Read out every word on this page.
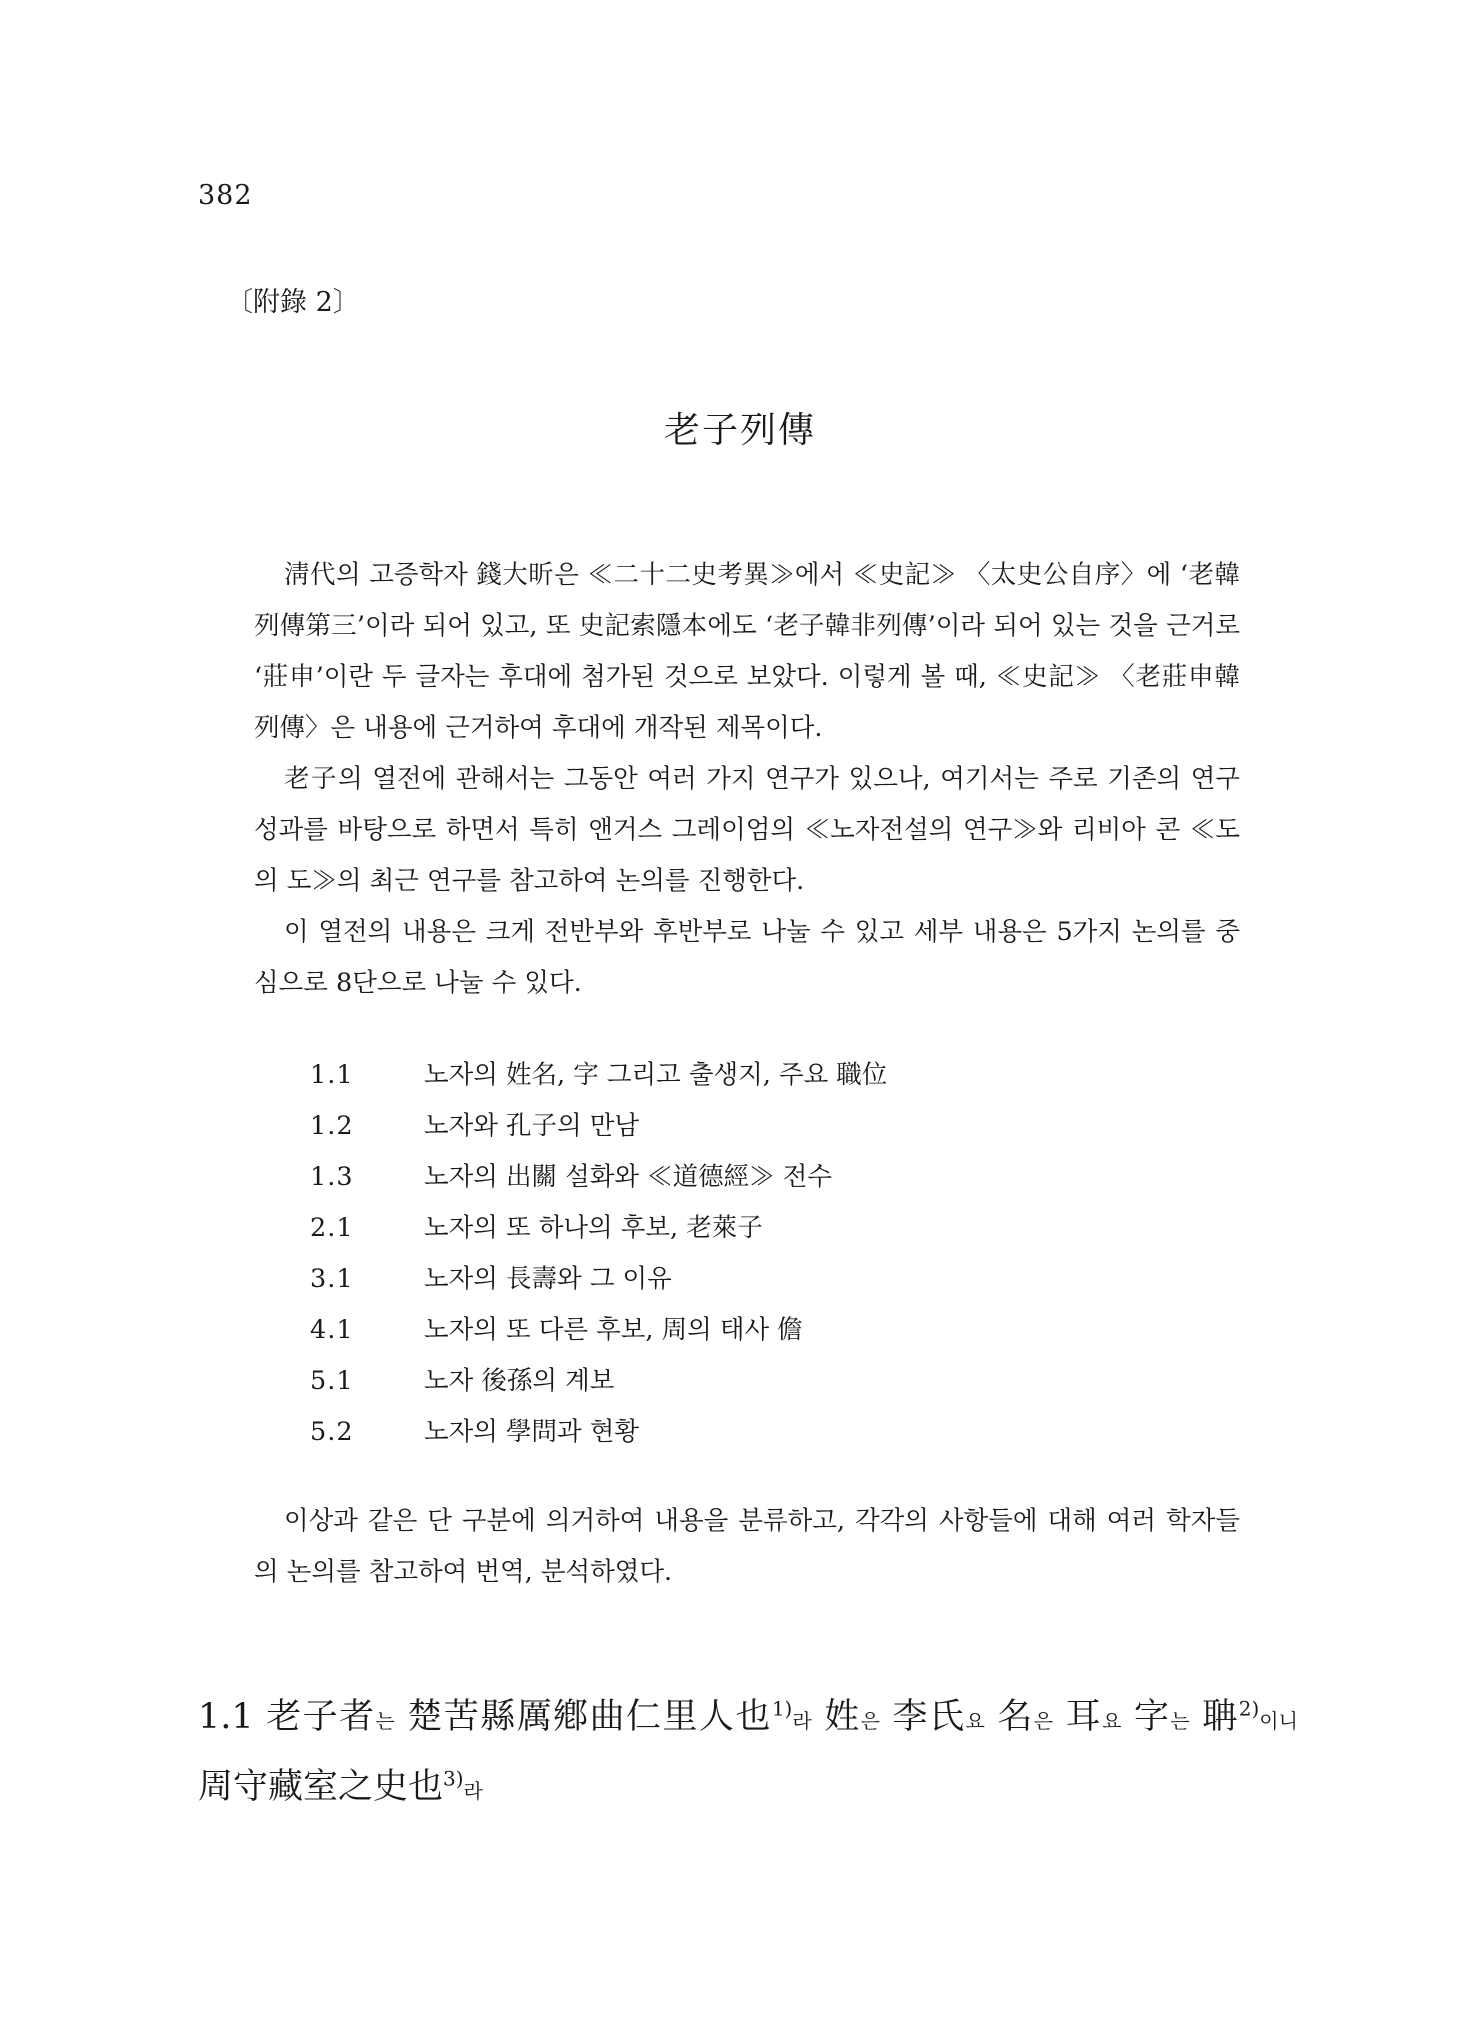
382
〔附錄 2〕
老子列傳

淸代의 고증학자 錢大昕은 ≪二十二史考異≫에서 ≪史記≫ 〈太史公自序〉에 ‘老韓列傳第三’이라 되어 있고, 또 史記索隱本에도 ‘老子韓非列傳’이라 되어 있는 것을 근거로 ‘莊申’이란 두 글자는 후대에 첨가된 것으로 보았다. 이렇게 볼 때, ≪史記≫ 〈老莊申韓列傳〉은 내용에 근거하여 후대에 개작된 제목이다.

老子의 열전에 관해서는 그동안 여러 가지 연구가 있으나, 여기서는 주로 기존의 연구 성과를 바탕으로 하면서 특히 앤거스 그레이엄의 ≪노자전설의 연구≫와 리비아 콘 ≪도의 도≫의 최근 연구를 참고하여 논의를 진행한다.

이 열전의 내용은 크게 전반부와 후반부로 나눌 수 있고 세부 내용은 5가지 논의를 중심으로 8단으로 나눌 수 있다.

1.1	노자의 姓名, 字 그리고 출생지, 주요 職位
1.2	노자와 孔子의 만남
1.3	노자의 出關 설화와 ≪道德經≫ 전수
2.1	노자의 또 하나의 후보, 老萊子
3.1	노자의 長壽와 그 이유
4.1	노자의 또 다른 후보, 周의 태사 儋
5.1	노자 後孫의 계보
5.2	노자의 學問과 현황

이상과 같은 단 구분에 의거하여 내용을 분류하고, 각각의 사항들에 대해 여러 학자들의 논의를 참고하여 번역, 분석하였다.

1.1 老子者는 楚苦縣厲鄕曲仁里人也$^{1)}$라 姓은 李氏요 名은 耳요 字는 聃$^{2)}$이니 周守藏室之史也$^{3)}$라
